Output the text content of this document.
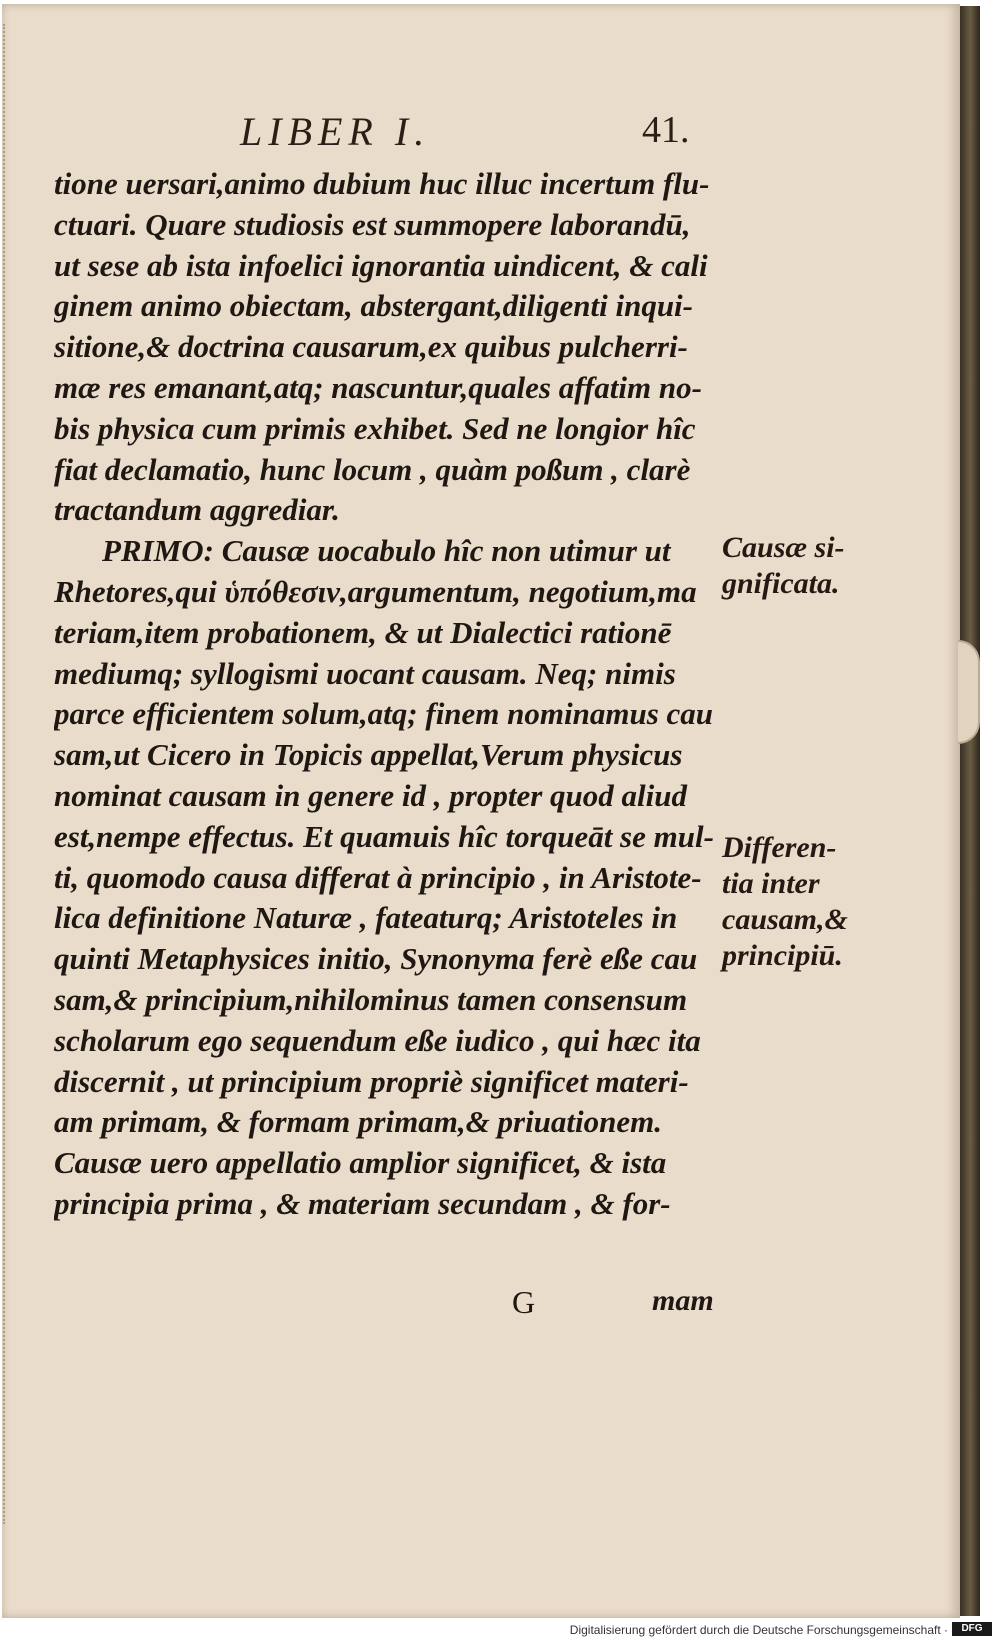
LIBER I.	41.
tione uersari,animo dubium huc illuc incertum flu-
ctuari. Quare studiosis est summopere laborandū,
ut sese ab ista infoelici ignorantia uindicent, & cali
ginem animo obiectam, abstergant,diligenti inqui-
sitione,& doctrina causarum,ex quibus pulcherri-
mæ res emanant,atq; nascuntur,quales affatim no-
bis physica cum primis exhibet. Sed ne longior hîc
fiat declamatio, hunc locum , quàm poßum , clarè
tractandum aggrediar.
PRIMO: Causæ uocabulo hîc non utimur ut
Rhetores,qui ὑπόθεσιν,argumentum, negotium,ma
teriam,item probationem, & ut Dialectici rationē
mediumq; syllogismi uocant causam. Neq; nimis
parce efficientem solum,atq; finem nominamus cau
sam,ut Cicero in Topicis appellat,Verum physicus
nominat causam in genere id , propter quod aliud
est,nempe effectus. Et quamuis hîc torqueāt se mul-
ti, quomodo causa differat à principio , in Aristote-
lica definitione Naturæ , fateaturq; Aristoteles in
quinti Metaphysices initio, Synonyma ferè eße cau
sam,& principium,nihilominus tamen consensum
scholarum ego sequendum eße iudico , qui hæc ita
discernit , ut principium propriè significet materi-
am primam, & formam primam,& priuationem.
Causæ uero appellatio amplior significet, & ista
principia prima , & materiam secundam , & for-
Causæ si-
gnificata.
Differen-
tia inter
causam,&
principiū.
G	mam
Digitalisierung gefördert durch die Deutsche Forschungsgemeinschaft ·	DFG
